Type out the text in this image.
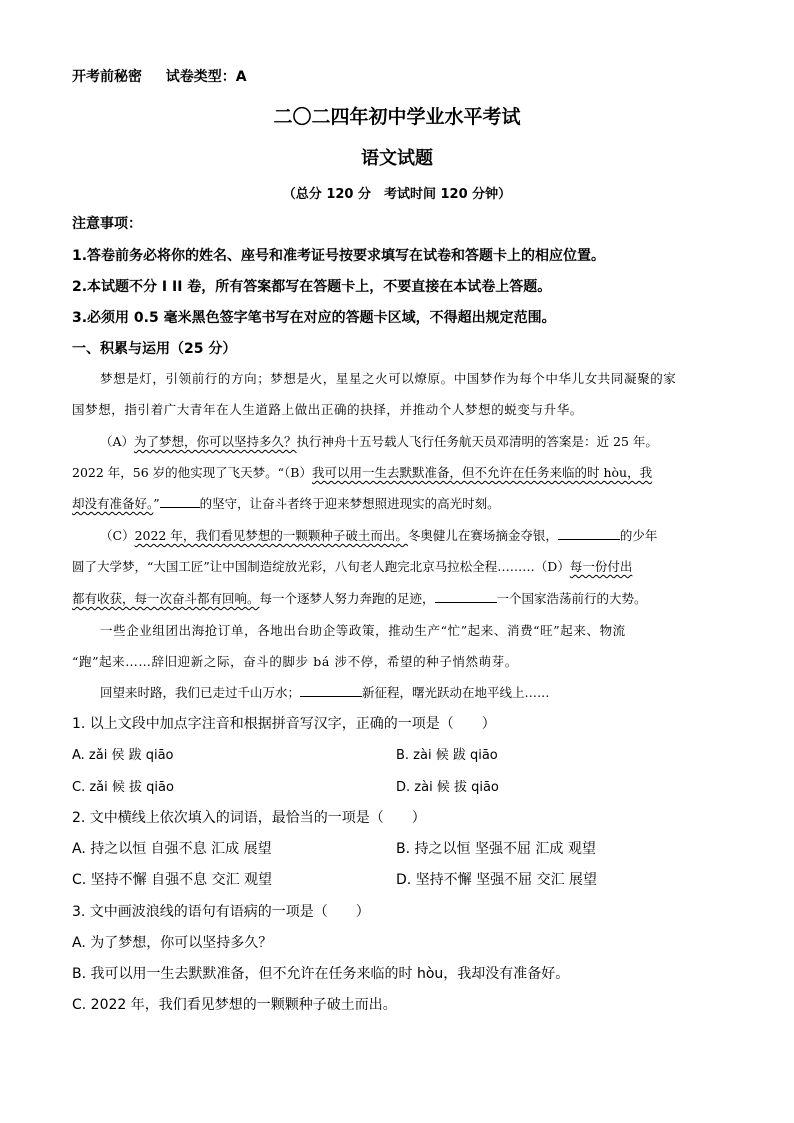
开考前秘密 试卷类型：A
二〇二四年初中学业水平考试
语文试题
（总分 120 分　考试时间 120 分钟）
注意事项：
1.答卷前务必将你的姓名、座号和准考证号按要求填写在试卷和答题卡上的相应位置。
2.本试题不分 I II 卷，所有答案都写在答题卡上，不要直接在本试卷上答题。
3.必须用 0.5 毫米黑色签字笔书写在对应的答题卡区域，不得超出规定范围。
一、积累与运用（25 分）
梦想是灯，引领前行的方向；梦想是火，星星之火可以燎原。中国梦作为每个中华儿女共同凝聚的家
国梦想，指引着广大青年在人生道路上做出正确的抉择，并推动个人梦想的蜕变与升华。
（A）为了梦想，你可以坚持多久？执行神舟十五号载人飞行任务航天员邓清明的答案是：近 25 年。
2022 年，56 岁的他实现了飞天梦。“（B）我可以用一生去默默准备，但不允许在任务来临的时 hòu，我
却没有准备好。”	的坚守，让奋斗者终于迎来梦想照进现实的高光时刻。
（C）2022 年，我们看见梦想的一颗颗种子破土而出。冬奥健儿在赛场摘金夺银，	的少年
圆了大学梦，“大国工匠”让中国制造绽放光彩，八旬老人跑完北京马拉松全程………（D）每一份付出
都有收获，每一次奋斗都有回响。每一个逐梦人努力奔跑的足迹，	一个国家浩荡前行的大势。
一些企业组团出海抢订单，各地出台助企等政策，推动生产“忙”起来、消费“旺”起来、物流
“跑”起来……辞旧迎新之际，奋斗的脚步 bá 涉不停，希望的种子悄然萌芽。
回望来时路，我们已走过千山万水；	新征程，曙光跃动在地平线上……
1. 以上文段中加点字注音和根据拼音写汉字，正确的一项是（　　）
A. zǎi 侯 跋 qiāo	B. zài 候 跋 qiāo
C. zǎi 候 拔 qiāo	D. zài 候 拔 qiāo
2. 文中横线上依次填入的词语，最恰当的一项是（　　）
A. 持之以恒 自强不息 汇成 展望	B. 持之以恒 坚强不屈 汇成 观望
C. 坚持不懈 自强不息 交汇 观望	D. 坚持不懈 坚强不屈 交汇 展望
3. 文中画波浪线的语句有语病的一项是（　　）
A. 为了梦想，你可以坚持多久？
B. 我可以用一生去默默准备，但不允许在任务来临的时 hòu，我却没有准备好。
C. 2022 年，我们看见梦想的一颗颗种子破土而出。
